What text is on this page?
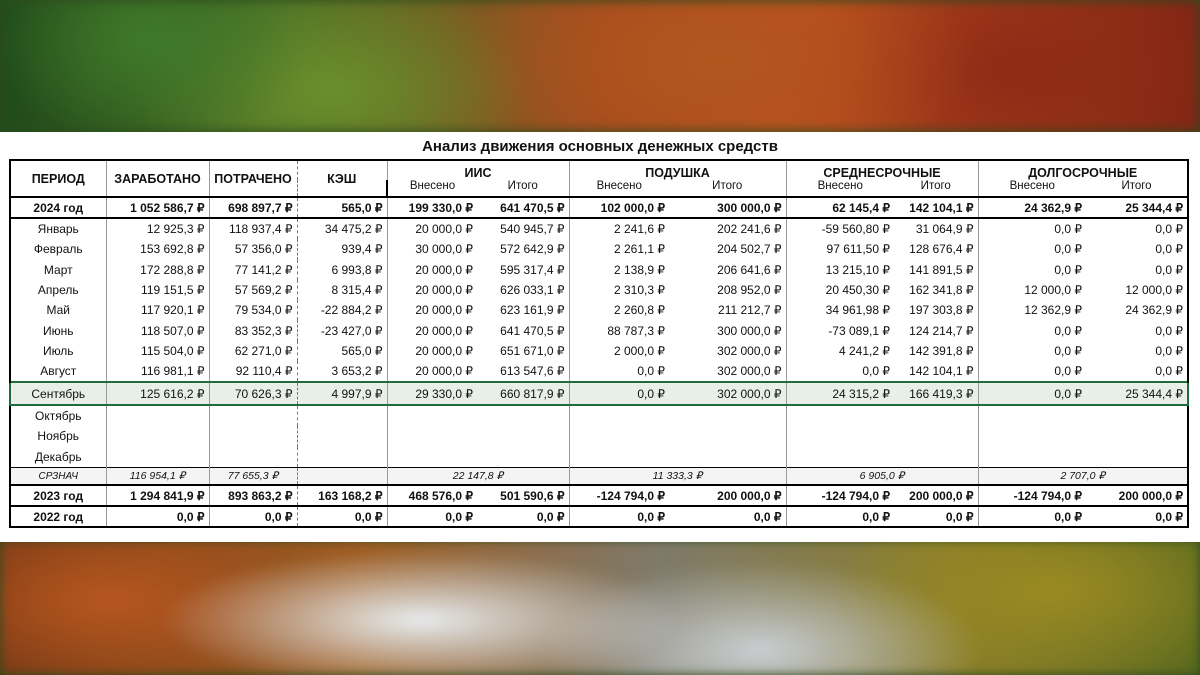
Анализ движения основных денежных средств
ПЕРИОД	ЗАРАБОТАНО	ПОТРАЧЕНО	КЭШ	ИИС		ПОДУШКА		СРЕДНЕСРОЧНЫЕ		ДОЛГОСРОЧНЫЕ	
				Внесено	Итого	Внесено	Итого	Внесено	Итого	Внесено	Итого
2024 год	1 052 586,7 ₽	698 897,7 ₽	565,0 ₽	199 330,0 ₽	641 470,5 ₽	102 000,0 ₽	300 000,0 ₽	62 145,4 ₽	142 104,1 ₽	24 362,9 ₽	25 344,4 ₽
Январь	12 925,3 ₽	118 937,4 ₽	34 475,2 ₽	20 000,0 ₽	540 945,7 ₽	2 241,6 ₽	202 241,6 ₽	-59 560,80 ₽	31 064,9 ₽	0,0 ₽	0,0 ₽
Февраль	153 692,8 ₽	57 356,0 ₽	939,4 ₽	30 000,0 ₽	572 642,9 ₽	2 261,1 ₽	204 502,7 ₽	97 611,50 ₽	128 676,4 ₽	0,0 ₽	0,0 ₽
Март	172 288,8 ₽	77 141,2 ₽	6 993,8 ₽	20 000,0 ₽	595 317,4 ₽	2 138,9 ₽	206 641,6 ₽	13 215,10 ₽	141 891,5 ₽	0,0 ₽	0,0 ₽
Апрель	119 151,5 ₽	57 569,2 ₽	8 315,4 ₽	20 000,0 ₽	626 033,1 ₽	2 310,3 ₽	208 952,0 ₽	20 450,30 ₽	162 341,8 ₽	12 000,0 ₽	12 000,0 ₽
Май	117 920,1 ₽	79 534,0 ₽	-22 884,2 ₽	20 000,0 ₽	623 161,9 ₽	2 260,8 ₽	211 212,7 ₽	34 961,98 ₽	197 303,8 ₽	12 362,9 ₽	24 362,9 ₽
Июнь	118 507,0 ₽	83 352,3 ₽	-23 427,0 ₽	20 000,0 ₽	641 470,5 ₽	88 787,3 ₽	300 000,0 ₽	-73 089,1 ₽	124 214,7 ₽	0,0 ₽	0,0 ₽
Июль	115 504,0 ₽	62 271,0 ₽	565,0 ₽	20 000,0 ₽	651 671,0 ₽	2 000,0 ₽	302 000,0 ₽	4 241,2 ₽	142 391,8 ₽	0,0 ₽	0,0 ₽
Август	116 981,1 ₽	92 110,4 ₽	3 653,2 ₽	20 000,0 ₽	613 547,6 ₽	0,0 ₽	302 000,0 ₽	0,0 ₽	142 104,1 ₽	0,0 ₽	0,0 ₽
Сентябрь	125 616,2 ₽	70 626,3 ₽	4 997,9 ₽	29 330,0 ₽	660 817,9 ₽	0,0 ₽	302 000,0 ₽	24 315,2 ₽	166 419,3 ₽	0,0 ₽	25 344,4 ₽
Октябрь											
Ноябрь											
Декабрь											
СРЗНАЧ	116 954,1 ₽	77 655,3 ₽		22 147,8 ₽		11 333,3 ₽		6 905,0 ₽		2 707,0 ₽	
2023 год	1 294 841,9 ₽	893 863,2 ₽	163 168,2 ₽	468 576,0 ₽	501 590,6 ₽	-124 794,0 ₽	200 000,0 ₽	-124 794,0 ₽	200 000,0 ₽	-124 794,0 ₽	200 000,0 ₽
2022 год	0,0 ₽	0,0 ₽	0,0 ₽	0,0 ₽	0,0 ₽	0,0 ₽	0,0 ₽	0,0 ₽	0,0 ₽	0,0 ₽	0,0 ₽
